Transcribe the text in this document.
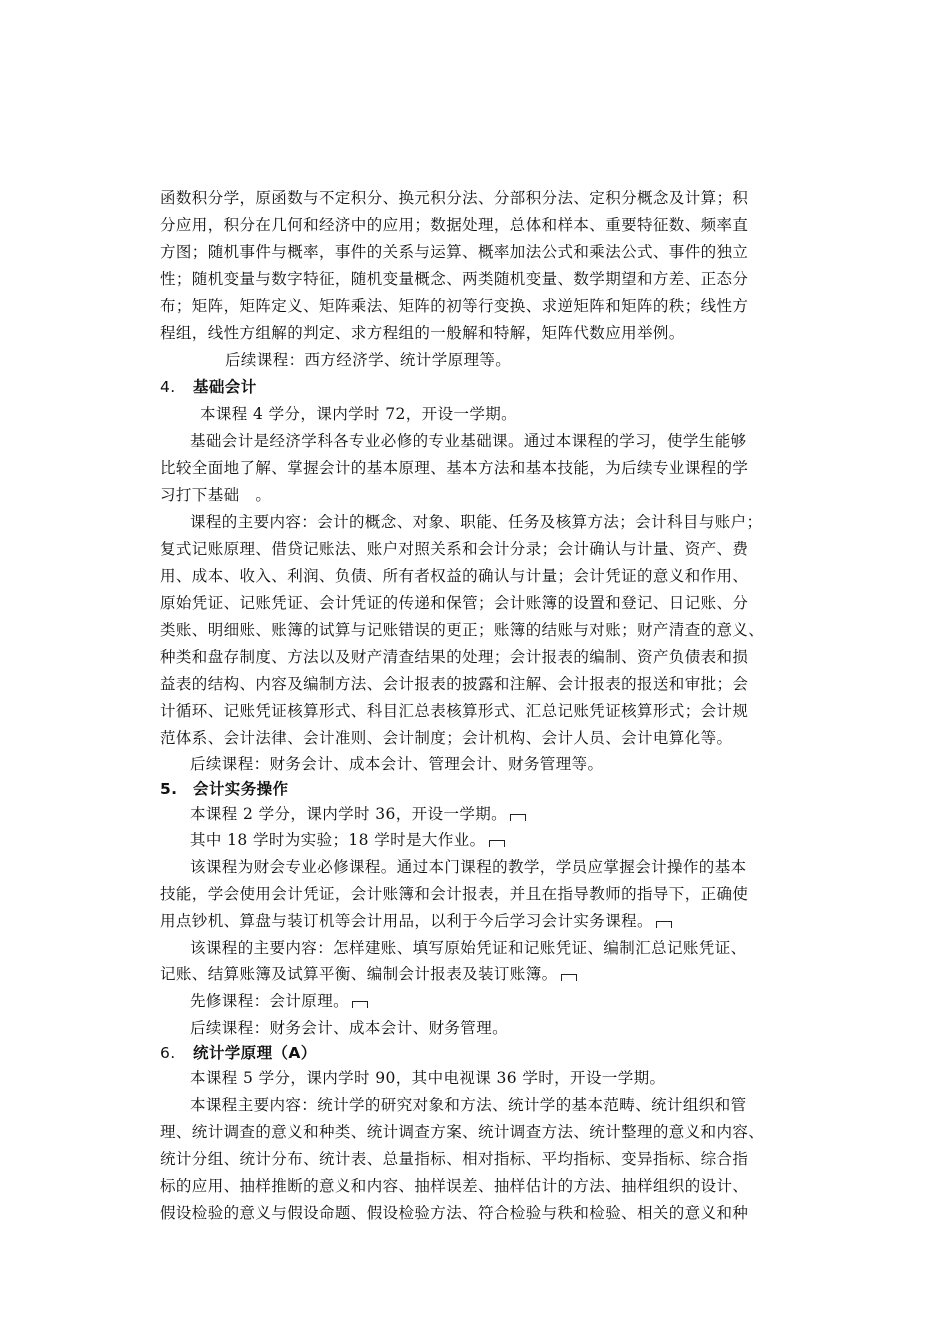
函数积分学，原函数与不定积分、换元积分法、分部积分法、定积分概念及计算；积
分应用，积分在几何和经济中的应用；数据处理，总体和样本、重要特征数、频率直
方图；随机事件与概率，事件的关系与运算、概率加法公式和乘法公式、事件的独立
性；随机变量与数字特征，随机变量概念、两类随机变量、数学期望和方差、正态分
布；矩阵，矩阵定义、矩阵乘法、矩阵的初等行变换、求逆矩阵和矩阵的秩；线性方
程组，线性方组解的判定、求方程组的一般解和特解，矩阵代数应用举例。
后续课程：西方经济学、统计学原理等。
4. 基础会计
本课程 4 学分，课内学时 72，开设一学期。
基础会计是经济学科各专业必修的专业基础课。通过本课程的学习，使学生能够
比较全面地了解、掌握会计的基本原理、基本方法和基本技能，为后续专业课程的学
习打下基础　。
课程的主要内容：会计的概念、对象、职能、任务及核算方法；会计科目与账户；
复式记账原理、借贷记账法、账户对照关系和会计分录；会计确认与计量、资产、费
用、成本、收入、利润、负债、所有者权益的确认与计量；会计凭证的意义和作用、
原始凭证、记账凭证、会计凭证的传递和保管；会计账簿的设置和登记、日记账、分
类账、明细账、账簿的试算与记账错误的更正；账簿的结账与对账；财产清查的意义、
种类和盘存制度、方法以及财产清查结果的处理；会计报表的编制、资产负债表和损
益表的结构、内容及编制方法、会计报表的披露和注解、会计报表的报送和审批；会
计循环、记账凭证核算形式、科目汇总表核算形式、汇总记账凭证核算形式；会计规
范体系、会计法律、会计准则、会计制度；会计机构、会计人员、会计电算化等。
后续课程：财务会计、成本会计、管理会计、财务管理等。
5. 会计实务操作
本课程 2 学分，课内学时 36，开设一学期。
其中 18 学时为实验；18 学时是大作业。
该课程为财会专业必修课程。通过本门课程的教学，学员应掌握会计操作的基本
技能，学会使用会计凭证，会计账簿和会计报表，并且在指导教师的指导下，正确使
用点钞机、算盘与装订机等会计用品，以利于今后学习会计实务课程。
该课程的主要内容：怎样建账、填写原始凭证和记账凭证、编制汇总记账凭证、
记账、结算账簿及试算平衡、编制会计报表及装订账簿。
先修课程：会计原理。
后续课程：财务会计、成本会计、财务管理。
6. 统计学原理（A）
本课程 5 学分，课内学时 90，其中电视课 36 学时，开设一学期。
本课程主要内容：统计学的研究对象和方法、统计学的基本范畴、统计组织和管
理、统计调查的意义和种类、统计调查方案、统计调查方法、统计整理的意义和内容、
统计分组、统计分布、统计表、总量指标、相对指标、平均指标、变异指标、综合指
标的应用、抽样推断的意义和内容、抽样误差、抽样估计的方法、抽样组织的设计、
假设检验的意义与假设命题、假设检验方法、符合检验与秩和检验、相关的意义和种
